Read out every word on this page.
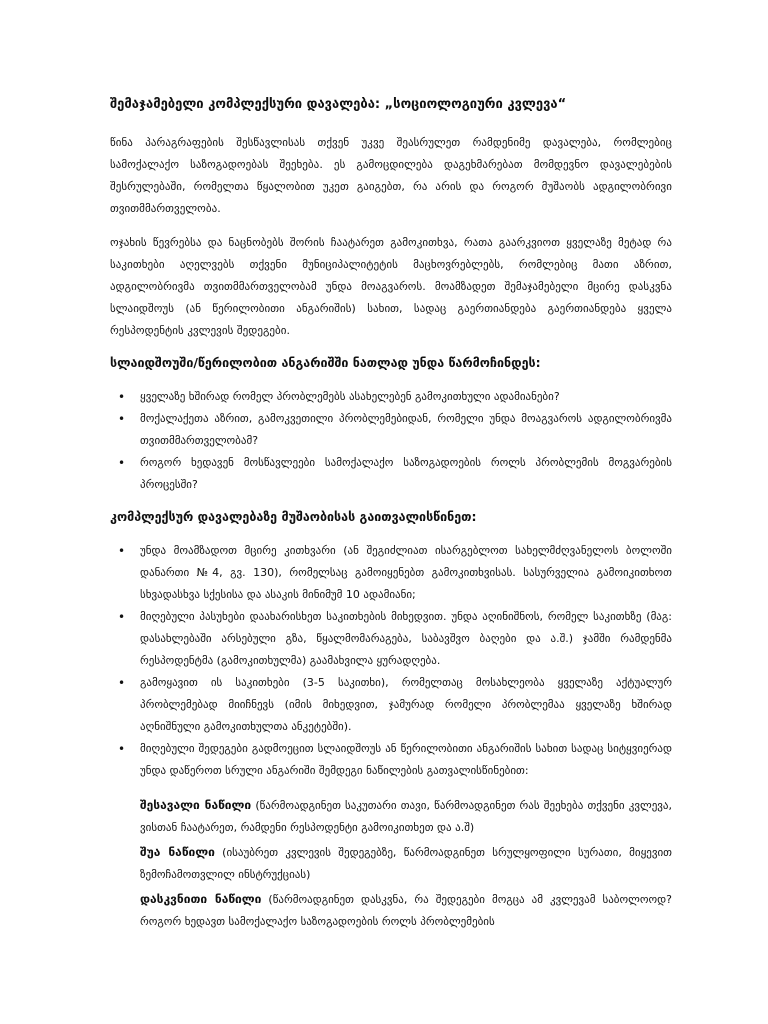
შემაჯამებელი კომპლექსური დავალება: „სოციოლოგიური კვლევა“

წინა პარაგრაფების შესწავლისას თქვენ უკვე შეასრულეთ რამდენიმე დავალება, რომლებიც სამოქალაქო საზოგადოებას შეეხება. ეს გამოცდილება დაგეხმარებათ მომდევნო დავალებების შესრულებაში, რომელთა წყალობით უკეთ გაიგებთ, რა არის და როგორ მუშაობს ადგილობრივი თვითმმართველობა.

ოჯახის წევრებსა და ნაცნობებს შორის ჩაატარეთ გამოკითხვა, რათა გაარკვიოთ ყველაზე მეტად რა საკითხები აღელვებს თქვენი მუნიციპალიტეტის მაცხოვრებლებს, რომლებიც მათი აზრით, ადგილობრივმა თვითმმართველობამ უნდა მოაგვაროს. მოამზადეთ შემაჯამებელი მცირე დასკვნა სლაიდშოუს (ან წერილობითი ანგარიშის) სახით, სადაც გაერთიანდება გაერთიანდება ყველა რესპოდენტის კვლევის შედეგები.

სლაიდშოუში/წერილობით ანგარიშში ნათლად უნდა წარმოჩინდეს:
• ყველაზე ხშირად რომელ პრობლემებს ასახელებენ გამოკითხული ადამიანები?
• მოქალაქეთა აზრით, გამოკვეთილი პრობლემებიდან, რომელი უნდა მოაგვაროს ადგილობრივმა თვითმმართველობამ?
• როგორ ხედავენ მოსწავლეები სამოქალაქო საზოგადოების როლს პრობლემის მოგვარების პროცესში?
კომპლექსურ დავალებაზე მუშაობისას გაითვალისწინეთ:
• უნდა მოამზადოთ მცირე კითხვარი (ან შეგიძლიათ ისარგებლოთ სახელმძღვანელოს ბოლოში დანართი №4, გვ. 130), რომელსაც გამოიყენებთ გამოკითხვისას. სასურველია გამოიკითხოთ სხვადასხვა სქესისა და ასაკის მინიმუმ 10 ადამიანი;
• მიღებული პასუხები დაახარისხეთ საკითხების მიხედვით. უნდა აღინიშნოს, რომელ საკითხზე (მაგ: დასახლებაში არსებული გზა, წყალმომარაგება, საბავშვო ბაღები და ა.შ.) ჯამში რამდენმა რესპოდენტმა (გამოკითხულმა) გაამახვილა ყურადღება.
• გამოყავით ის საკითხები (3-5 საკითხი), რომელთაც მოსახლეობა ყველაზე აქტუალურ პრობლემებად მიიჩნევს (იმის მიხედვით, ჯამურად რომელი პრობლემაა ყველაზე ხშირად აღნიშნული გამოკითხულთა ანკეტებში).
• მიღებული შედეგები გადმოეცით სლაიდშოუს ან წერილობითი ანგარიშის სახით სადაც სიტყვიერად უნდა დაწეროთ სრული ანგარიში შემდეგი ნაწილების გათვალისწინებით:

შესავალი ნაწილი (წარმოადგინეთ საკუთარი თავი, წარმოადგინეთ რას შეეხება თქვენი კვლევა, ვისთან ჩაატარეთ, რამდენი რესპოდენტი გამოიკითხეთ და ა.შ)

შუა ნაწილი (ისაუბრეთ კვლევის შედეგებზე, წარმოადგინეთ სრულყოფილი სურათი, მიყევით ზემოჩამოთვლილ ინსტრუქციას)

დასკვნითი ნაწილი (წარმოადგინეთ დასკვნა, რა შედეგები მოგცა ამ კვლევამ საბოლოოდ? როგორ ხედავთ სამოქალაქო საზოგადოების როლს პრობლემების
